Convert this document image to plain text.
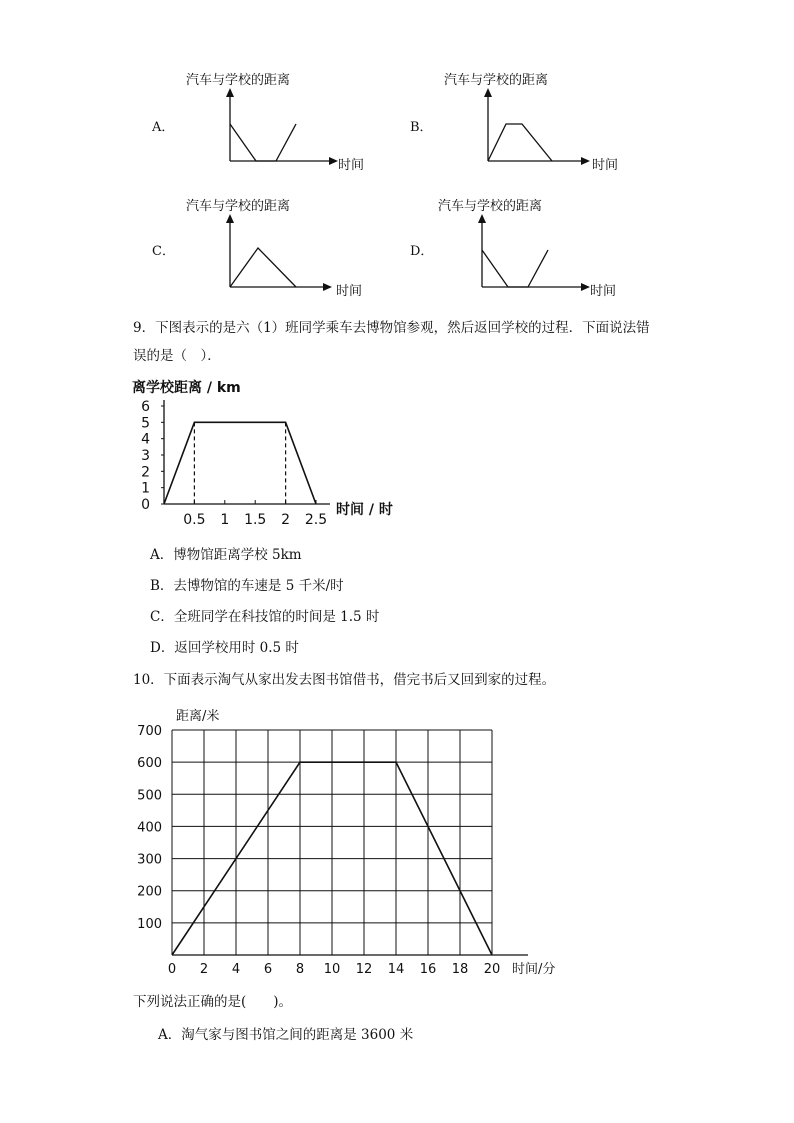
A．
汽车与学校的距离
时间
B．
汽车与学校的距离
时间
C．
汽车与学校的距离
时间
D．
汽车与学校的距离
时间
9．下图表示的是六（1）班同学乘车去博物馆参观，然后返回学校的过程．下面说法错
误的是（　）．
离学校距离 / km
时间 / 时
0
1
2
3
4
5
6
0.5 1 1.5 2 2.5
A．博物馆距离学校 5km
B．去博物馆的车速是 5 千米/时
C．全班同学在科技馆的时间是 1.5 时
D．返回学校用时 0.5 时
10．下面表示淘气从家出发去图书馆借书，借完书后又回到家的过程。
距离/米
时间/分
100
200
300
400
500
600
700
0 2 4 6 8 10 12 14 16 18 20
下列说法正确的是(　　)。
A．淘气家与图书馆之间的距离是 3600 米
